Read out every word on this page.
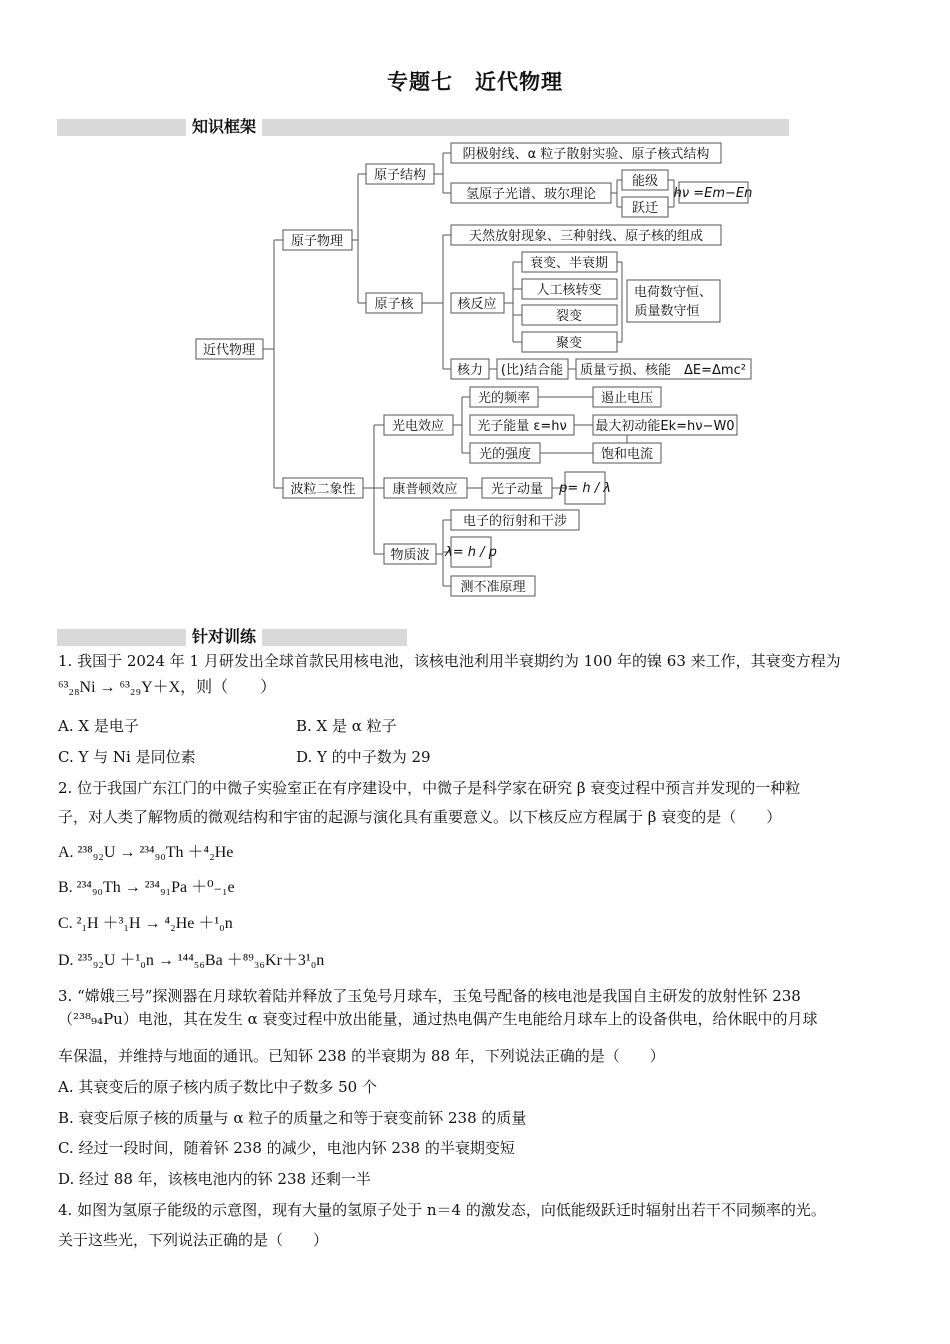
专题七　近代物理
知识框架
近代物理
原子物理
原子结构
阴极射线、α 粒子散射实验、原子核式结构
氢原子光谱、玻尔理论
能级
跃迁
hν =Em−En
原子核
天然放射现象、三种射线、原子核的组成
核反应
衰变、半衰期
人工核转变
裂变
聚变
电荷数守恒、
质量数守恒
核力 (比)结合能 质量亏损、核能　ΔE=Δmc²
波粒二象性
光电效应
光的频率	遏止电压
光子能量 ε=hν 最大初动能Ek=hν−W0
光的强度	饱和电流
康普顿效应	光子动量 p= h / λ
物质波
电子的衍射和干涉
λ= h / p
测不准原理
针对训练
1. 我国于 2024 年 1 月研发出全球首款民用核电池，该核电池利用半衰期约为 100 年的镍 63 来工作，其衰变方程为
⁶³₂₈Ni → ⁶³₂₉Y＋X，则（　　）
A. X 是电子	B. X 是 α 粒子
C. Y 与 Ni 是同位素	D. Y 的中子数为 29
2. 位于我国广东江门的中微子实验室正在有序建设中，中微子是科学家在研究 β 衰变过程中预言并发现的一种粒
子，对人类了解物质的微观结构和宇宙的起源与演化具有重要意义。以下核反应方程属于 β 衰变的是（　　）
A. ²³⁸₉₂U → ²³⁴₉₀Th ＋⁴₂He
B. ²³⁴₉₀Th → ²³⁴₉₁Pa ＋⁰₋₁e
C. ²₁H ＋³₁H → ⁴₂He ＋¹₀n
D. ²³⁵₉₂U ＋¹₀n → ¹⁴⁴₅₆Ba ＋⁸⁹₃₆Kr＋3¹₀n
3. “嫦娥三号”探测器在月球软着陆并释放了玉兔号月球车，玉兔号配备的核电池是我国自主研发的放射性钚 238
（²³⁸₉₄Pu）电池，其在发生 α 衰变过程中放出能量，通过热电偶产生电能给月球车上的设备供电，给休眠中的月球
车保温，并维持与地面的通讯。已知钚 238 的半衰期为 88 年，下列说法正确的是（　　）
A. 其衰变后的原子核内质子数比中子数多 50 个
B. 衰变后原子核的质量与 α 粒子的质量之和等于衰变前钚 238 的质量
C. 经过一段时间，随着钚 238 的减少，电池内钚 238 的半衰期变短
D. 经过 88 年，该核电池内的钚 238 还剩一半
4. 如图为氢原子能级的示意图，现有大量的氢原子处于 n＝4 的激发态，向低能级跃迁时辐射出若干不同频率的光。
关于这些光，下列说法正确的是（　　）
